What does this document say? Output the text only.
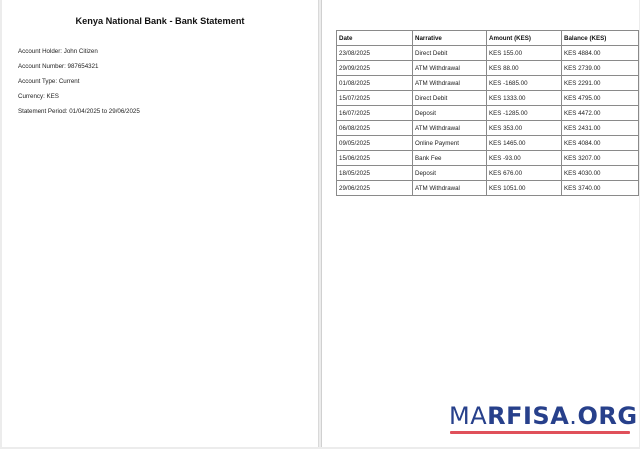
Kenya National Bank - Bank Statement
Account Holder: John Citizen
Account Number: 987654321
Account Type: Current
Currency: KES
Statement Period: 01/04/2025 to 29/06/2025
Date	Narrative	Amount (KES)	Balance (KES)
23/08/2025	Direct Debit	KES 155.00	KES 4884.00
29/09/2025	ATM Withdrawal	KES 88.00	KES 2739.00
01/08/2025	ATM Withdrawal	KES -1685.00	KES 2291.00
15/07/2025	Direct Debit	KES 1333.00	KES 4795.00
16/07/2025	Deposit	KES -1285.00	KES 4472.00
06/08/2025	ATM Withdrawal	KES 353.00	KES 2431.00
09/05/2025	Online Payment	KES 1465.00	KES 4084.00
15/06/2025	Bank Fee	KES -93.00	KES 3207.00
18/05/2025	Deposit	KES 676.00	KES 4030.00
29/06/2025	ATM Withdrawal	KES 1051.00	KES 3740.00
MARFISA.ORG
